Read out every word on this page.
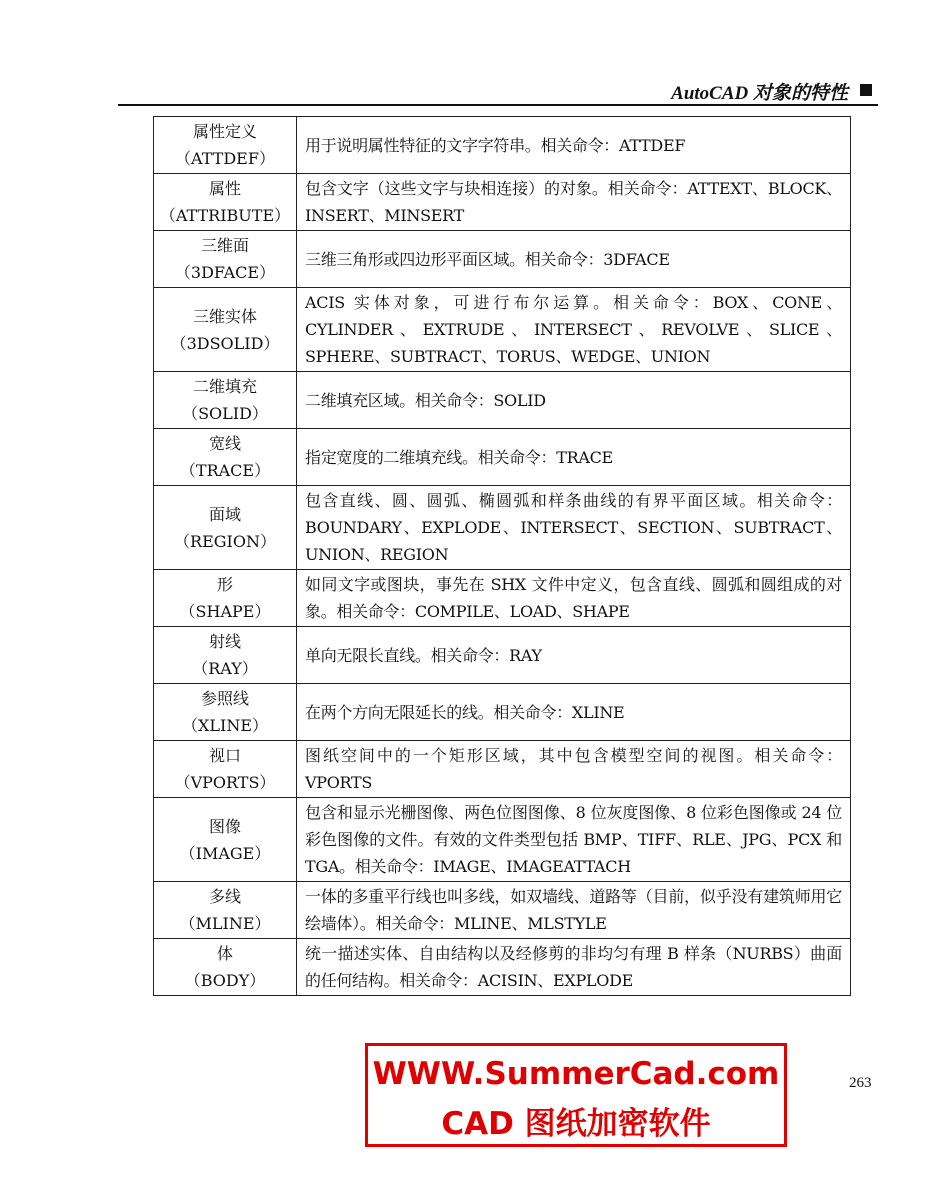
AutoCAD 对象的特性
属性定义
（ATTDEF）	用于说明属性特征的文字字符串。相关命令：ATTDEF

属性
（ATTRIBUTE）	包含文字（这些文字与块相连接）的对象。相关命令：ATTEXT、BLOCK、INSERT、MINSERT

三维面
（3DFACE）	三维三角形或四边形平面区域。相关命令：3DFACE

三维实体
（3DSOLID）	ACIS 实体对象，可进行布尔运算。相关命令：BOX、CONE、CYLINDER、EXTRUDE、INTERSECT、REVOLVE、SLICE、SPHERE、SUBTRACT、TORUS、WEDGE、UNION

二维填充
（SOLID）	二维填充区域。相关命令：SOLID

宽线
（TRACE）	指定宽度的二维填充线。相关命令：TRACE

面域
（REGION）	包含直线、圆、圆弧、椭圆弧和样条曲线的有界平面区域。相关命令：BOUNDARY、EXPLODE、INTERSECT、SECTION、SUBTRACT、UNION、REGION

形
（SHAPE）	如同文字或图块，事先在 SHX 文件中定义，包含直线、圆弧和圆组成的对象。相关命令：COMPILE、LOAD、SHAPE

射线
（RAY）	单向无限长直线。相关命令：RAY

参照线
（XLINE）	在两个方向无限延长的线。相关命令：XLINE

视口
（VPORTS）	图纸空间中的一个矩形区域，其中包含模型空间的视图。相关命令：VPORTS

图像
（IMAGE）	包含和显示光栅图像、两色位图图像、8 位灰度图像、8 位彩色图像或 24 位彩色图像的文件。有效的文件类型包括 BMP、TIFF、RLE、JPG、PCX 和 TGA。相关命令：IMAGE、IMAGEATTACH

多线
（MLINE）	一体的多重平行线也叫多线，如双墙线、道路等（目前，似乎没有建筑师用它绘墙体）。相关命令：MLINE、MLSTYLE

体
（BODY）	统一描述实体、自由结构以及经修剪的非均匀有理 B 样条（NURBS）曲面的任何结构。相关命令：ACISIN、EXPLODE
WWW.SummerCad.com
CAD 图纸加密软件
263
